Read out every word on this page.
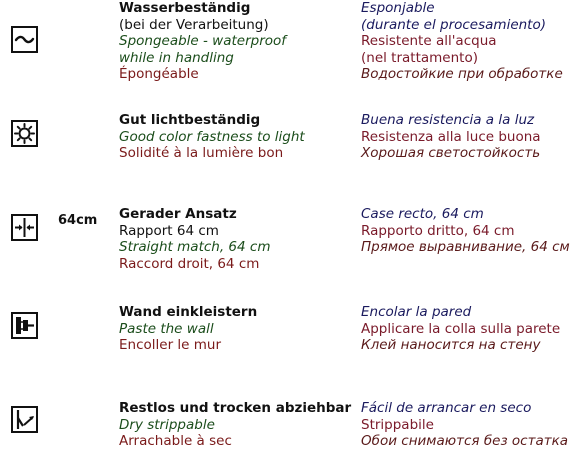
Wasserbeständig
(bei der Verarbeitung)
Spongeable - waterproof
while in handling
Épongéable
Esponjable
(durante el procesamiento)
Resistente all'acqua
(nel trattamento)
Водостойкие при обработке
Gut lichtbeständig
Good color fastness to light
Solidité à la lumière bon
Buena resistencia a la luz
Resistenza alla luce buona
Хорошая светостойкость
64cm Gerader Ansatz
Rapport 64 cm
Straight match, 64 cm
Raccord droit, 64 cm
Case recto, 64 cm
Rapporto dritto, 64 cm
Прямое выравнивание, 64 см
Wand einkleistern
Paste the wall
Encoller le mur
Encolar la pared
Applicare la colla sulla parete
Клей наносится на стену
Restlos und trocken abziehbar
Dry strippable
Arrachable à sec
Fácil de arrancar en seco
Strippabile
Обои снимаются без остатка
